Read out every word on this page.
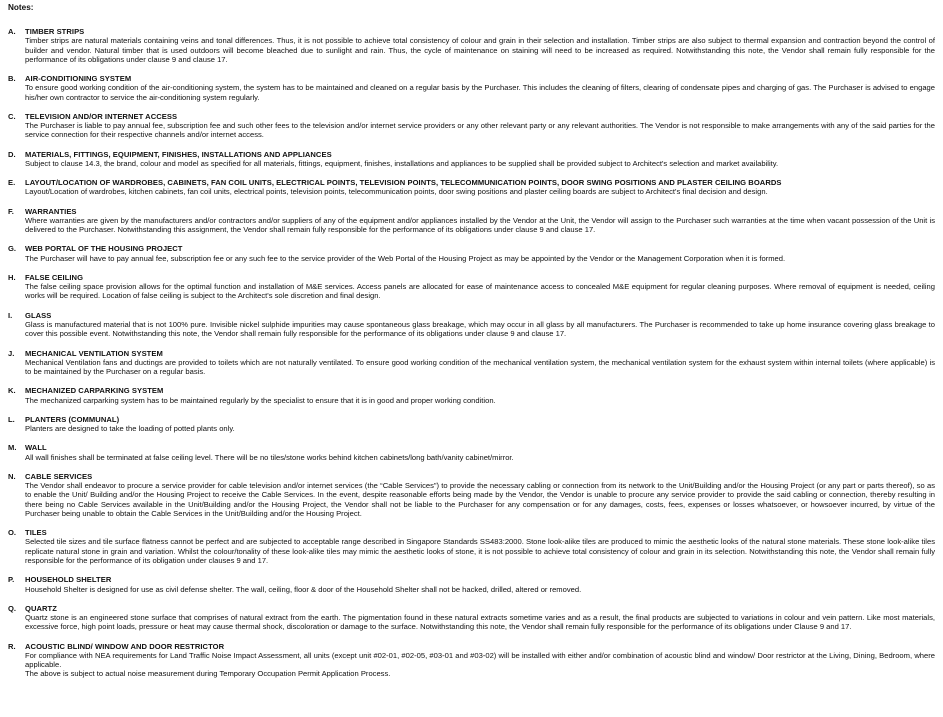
Notes:
A. TIMBER STRIPS

Timber strips are natural materials containing veins and tonal differences. Thus, it is not possible to achieve total consistency of colour and grain in their selection and installation. Timber strips are also subject to thermal expansion and contraction beyond the control of builder and vendor. Natural timber that is used outdoors will become bleached due to sunlight and rain. Thus, the cycle of maintenance on staining will need to be increased as required. Notwithstanding this note, the Vendor shall remain fully responsible for the performance of its obligations under clause 9 and clause 17.

B. AIR-CONDITIONING SYSTEM

To ensure good working condition of the air-conditioning system, the system has to be maintained and cleaned on a regular basis by the Purchaser. This includes the cleaning of filters, clearing of condensate pipes and charging of gas. The Purchaser is advised to engage his/her own contractor to service the air-conditioning system regularly.

C. TELEVISION AND/OR INTERNET ACCESS

The Purchaser is liable to pay annual fee, subscription fee and such other fees to the television and/or internet service providers or any other relevant party or any relevant authorities. The Vendor is not responsible to make arrangements with any of the said parties for the service connection for their respective channels and/or internet access.

D. MATERIALS, FITTINGS, EQUIPMENT, FINISHES, INSTALLATIONS AND APPLIANCES

Subject to clause 14.3, the brand, colour and model as specified for all materials, fittings, equipment, finishes, installations and appliances to be supplied shall be provided subject to Architect's selection and market availability.

E. LAYOUT/LOCATION OF WARDROBES, CABINETS, FAN COIL UNITS, ELECTRICAL POINTS, TELEVISION POINTS, TELECOMMUNICATION POINTS, DOOR SWING POSITIONS AND PLASTER CEILING BOARDS

Layout/Location of wardrobes, kitchen cabinets, fan coil units, electrical points, television points, telecommunication points, door swing positions and plaster ceiling boards are subject to Architect's final decision and design.

F. WARRANTIES

Where warranties are given by the manufacturers and/or contractors and/or suppliers of any of the equipment and/or appliances installed by the Vendor at the Unit, the Vendor will assign to the Purchaser such warranties at the time when vacant possession of the Unit is delivered to the Purchaser. Notwithstanding this assignment, the Vendor shall remain fully responsible for the performance of its obligations under clause 9 and clause 17.

G. WEB PORTAL OF THE HOUSING PROJECT

The Purchaser will have to pay annual fee, subscription fee or any such fee to the service provider of the Web Portal of the Housing Project as may be appointed by the Vendor or the Management Corporation when it is formed.

H. FALSE CEILING

The false ceiling space provision allows for the optimal function and installation of M&E services. Access panels are allocated for ease of maintenance access to concealed M&E equipment for regular cleaning purposes. Where removal of equipment is needed, ceiling works will be required. Location of false ceiling is subject to the Architect's sole discretion and final design.

I. GLASS

Glass is manufactured material that is not 100% pure. Invisible nickel sulphide impurities may cause spontaneous glass breakage, which may occur in all glass by all manufacturers. The Purchaser is recommended to take up home insurance covering glass breakage to cover this possible event. Notwithstanding this note, the Vendor shall remain fully responsible for the performance of its obligations under clause 9 and clause 17.

J. MECHANICAL VENTILATION SYSTEM

Mechanical Ventilation fans and ductings are provided to toilets which are not naturally ventilated. To ensure good working condition of the mechanical ventilation system, the mechanical ventilation system for the exhaust system within internal toilets (where applicable) is to be maintained by the Purchaser on a regular basis.

K. MECHANIZED CARPARKING SYSTEM

The mechanized carparking system has to be maintained regularly by the specialist to ensure that it is in good and proper working condition.

L. PLANTERS (COMMUNAL)

Planters are designed to take the loading of potted plants only.

M. WALL

All wall finishes shall be terminated at false ceiling level. There will be no tiles/stone works behind kitchen cabinets/long bath/vanity cabinet/mirror.

N. CABLE SERVICES

The Vendor shall endeavor to procure a service provider for cable television and/or internet services (the “Cable Services”) to provide the necessary cabling or connection from its network to the Unit/Building and/or the Housing Project (or any part or parts thereof), so as to enable the Unit/ Building and/or the Housing Project to receive the Cable Services. In the event, despite reasonable efforts being made by the Vendor, the Vendor is unable to procure any service provider to provide the said cabling or connection, thereby resulting in there being no Cable Services available in the Unit/Building and/or the Housing Project, the Vendor shall not be liable to the Purchaser for any compensation or for any damages, costs, fees, expenses or losses whatsoever, or howsoever incurred, by virtue of the Purchaser being unable to obtain the Cable Services in the Unit/Building and/or the Housing Project.

O. TILES

Selected tile sizes and tile surface flatness cannot be perfect and are subjected to acceptable range described in Singapore Standards SS483:2000. Stone look-alike tiles are produced to mimic the aesthetic looks of the natural stone materials. These stone look-alike tiles replicate natural stone in grain and variation. Whilst the colour/tonality of these look-alike tiles may mimic the aesthetic looks of stone, it is not possible to achieve total consistency of colour and grain in its selection. Notwithstanding this note, the Vendor shall remain fully responsible for the performance of its obligation under clauses 9 and 17.

P. HOUSEHOLD SHELTER

Household Shelter is designed for use as civil defense shelter. The wall, ceiling, floor & door of the Household Shelter shall not be hacked, drilled, altered or removed.

Q. QUARTZ

Quartz stone is an engineered stone surface that comprises of natural extract from the earth. The pigmentation found in these natural extracts sometime varies and as a result, the final products are subjected to variations in colour and vein pattern. Like most materials, excessive force, high point loads, pressure or heat may cause thermal shock, discoloration or damage to the surface. Notwithstanding this note, the Vendor shall remain fully responsible for the performance of its obligations under Clause 9 and 17.

R. ACOUSTIC BLIND/ WINDOW AND DOOR RESTRICTOR

For compliance with NEA requirements for Land Traffic Noise Impact Assessment, all units (except unit #02-01, #02-05, #03-01 and #03-02) will be installed with either and/or combination of acoustic blind and window/ Door restrictor at the Living, Dining, Bedroom, where applicable.

The above is subject to actual noise measurement during Temporary Occupation Permit Application Process.
